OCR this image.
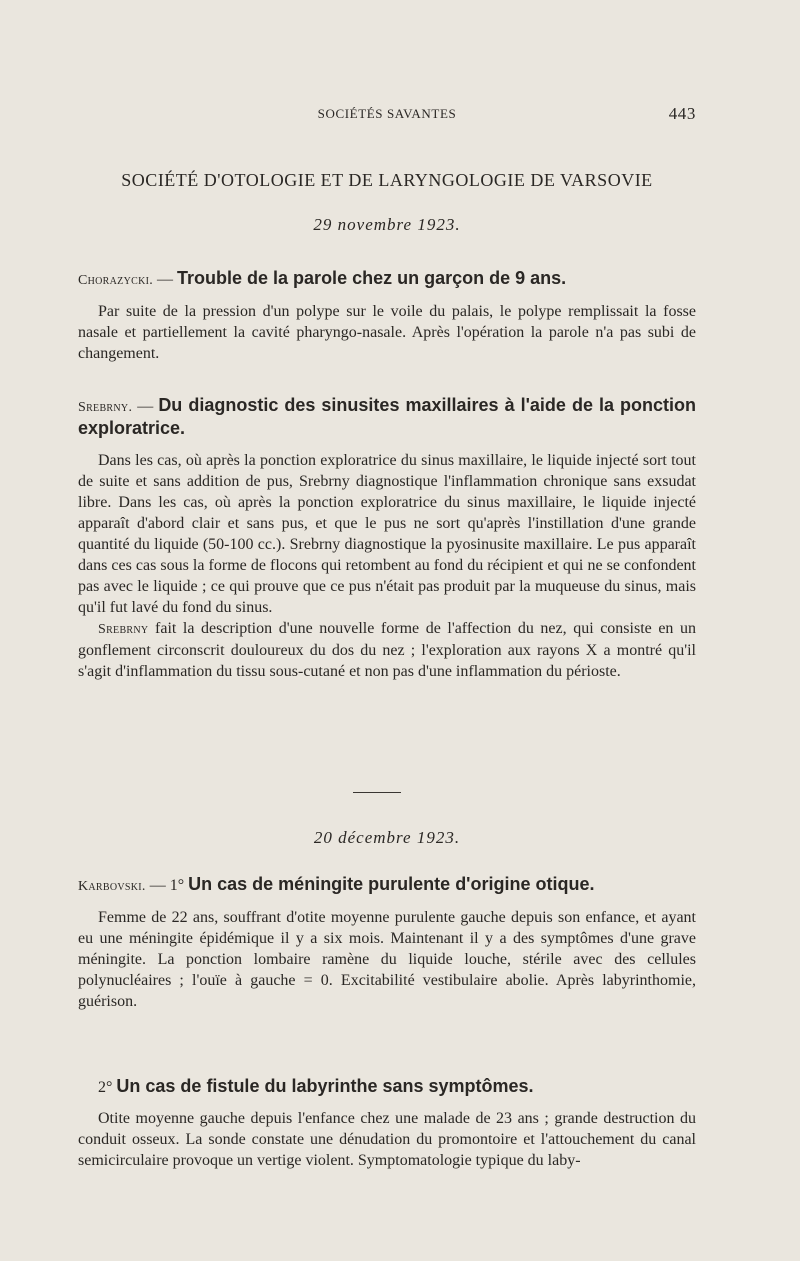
SOCIÉTÉS SAVANTES	443
SOCIÉTÉ D'OTOLOGIE ET DE LARYNGOLOGIE DE VARSOVIE
29 novembre 1923.

Chorazycki. — Trouble de la parole chez un garçon de 9 ans.

Par suite de la pression d'un polype sur le voile du palais, le polype remplissait la fosse nasale et partiellement la cavité pharyngo-nasale. Après l'opération la parole n'a pas subi de changement.

Srebrny. — Du diagnostic des sinusites maxillaires à l'aide de la ponction exploratrice.

Dans les cas, où après la ponction exploratrice du sinus maxillaire, le liquide injecté sort tout de suite et sans addition de pus, Srebrny diagnostique l'inflammation chronique sans exsudat libre. Dans les cas, où après la ponction exploratrice du sinus maxillaire, le liquide injecté apparaît d'abord clair et sans pus, et que le pus ne sort qu'après l'instillation d'une grande quantité du liquide (50-100 cc.). Srebrny diagnostique la pyosinusite maxillaire. Le pus apparaît dans ces cas sous la forme de flocons qui retombent au fond du récipient et qui ne se confondent pas avec le liquide ; ce qui prouve que ce pus n'était pas produit par la muqueuse du sinus, mais qu'il fut lavé du fond du sinus.

Srebrny fait la description d'une nouvelle forme de l'affection du nez, qui consiste en un gonflement circonscrit douloureux du dos du nez ; l'exploration aux rayons X a montré qu'il s'agit d'inflammation du tissu sous-cutané et non pas d'une inflammation du périoste.

20 décembre 1923.

Karbovski. — 1° Un cas de méningite purulente d'origine otique.

Femme de 22 ans, souffrant d'otite moyenne purulente gauche depuis son enfance, et ayant eu une méningite épidémique il y a six mois. Maintenant il y a des symptômes d'une grave méningite. La ponction lombaire ramène du liquide louche, stérile avec des cellules polynucléaires ; l'ouïe à gauche = 0. Excitabilité vestibulaire abolie. Après labyrinthomie, guérison.

2° Un cas de fistule du labyrinthe sans symptômes.

Otite moyenne gauche depuis l'enfance chez une malade de 23 ans ; grande destruction du conduit osseux. La sonde constate une dénudation du promontoire et l'attouchement du canal semicirculaire provoque un vertige violent. Symptomatologie typique du laby-
